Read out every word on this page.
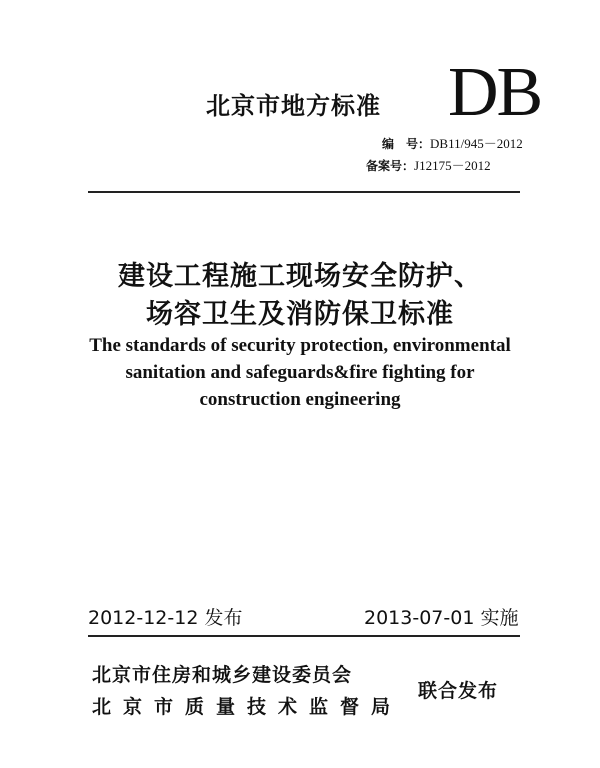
北京市地方标准 DB
编　号：DB11/945－2012
备案号：J12175－2012
建设工程施工现场安全防护、
场容卫生及消防保卫标准
The standards of security protection, environmental
sanitation and safeguards&fire fighting for
construction engineering
2012-12-12 发布	2013-07-01 实施
北京市住房和城乡建设委员会
北京市质量技术监督局
联合发布
